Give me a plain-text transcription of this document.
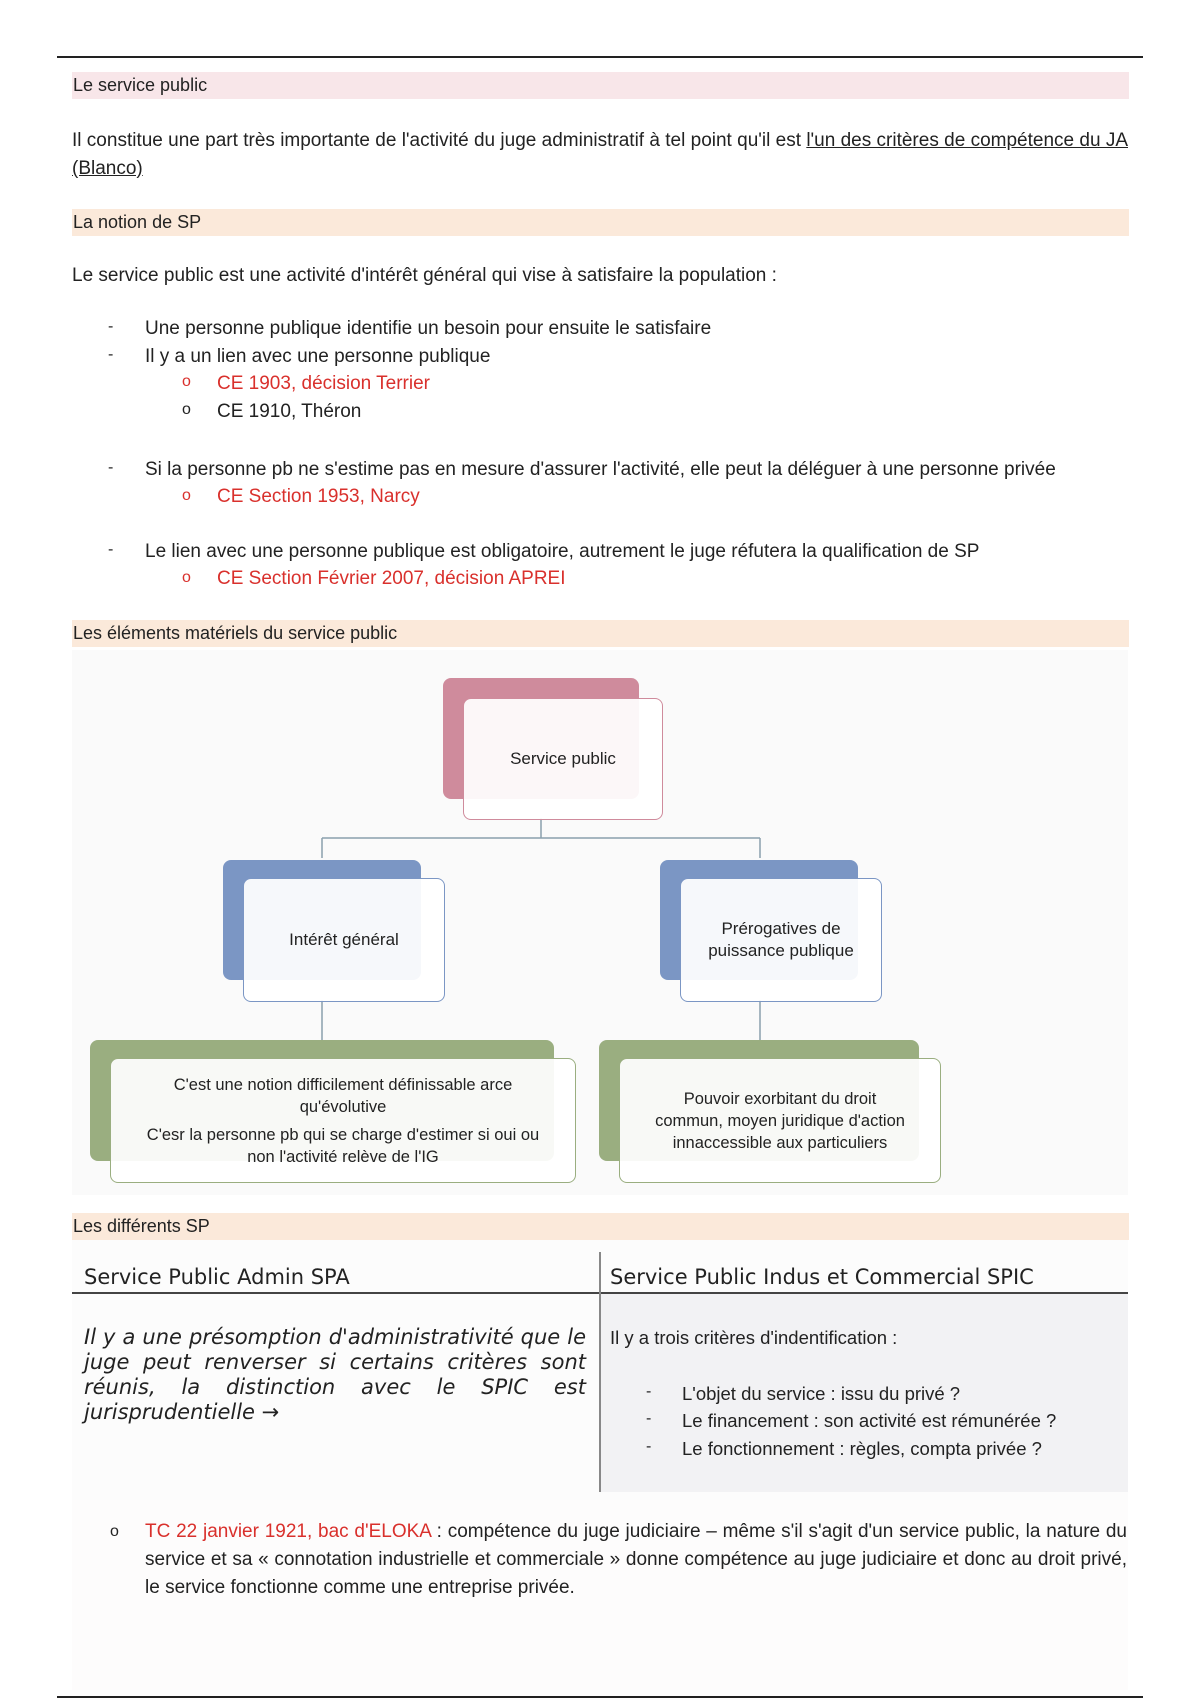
Le service public
Il constitue une part très importante de l'activité du juge administratif à tel point qu'il est l'un des critères de compétence du JA (Blanco)
La notion de SP
Le service public est une activité d'intérêt général qui vise à satisfaire la population :
- Une personne publique identifie un besoin pour ensuite le satisfaire
- Il y a un lien avec une personne publique
o CE 1903, décision Terrier
o CE 1910, Théron
- Si la personne pb ne s'estime pas en mesure d'assurer l'activité, elle peut la déléguer à une personne privée
o CE Section 1953, Narcy
- Le lien avec une personne publique est obligatoire, autrement le juge réfutera la qualification de SP
o CE Section Février 2007, décision APREI
Les éléments matériels du service public
Service public
Intérêt général
Prérogatives de
puissance publique
C'est une notion difficilement définissable arce
qu'évolutive
C'esr la personne pb qui se charge d'estimer si oui ou
non l'activité relève de l'IG
Pouvoir exorbitant du droit
commun, moyen juridique d'action
innaccessible aux particuliers
Les différents SP
Service Public Admin SPA	Service Public Indus et Commercial SPIC
Il y a une présomption d'administrativité que le juge peut renverser si certains critères sont réunis, la distinction avec le SPIC est jurisprudentielle →
Il y a trois critères d'indentification :
- L'objet du service : issu du privé ?
- Le financement : son activité est rémunérée ?
- Le fonctionnement : règles, compta privée ?
o TC 22 janvier 1921, bac d'ELOKA : compétence du juge judiciaire – même s'il s'agit d'un service public, la nature du service et sa « connotation industrielle et commerciale » donne compétence au juge judiciaire et donc au droit privé, le service fonctionne comme une entreprise privée.
